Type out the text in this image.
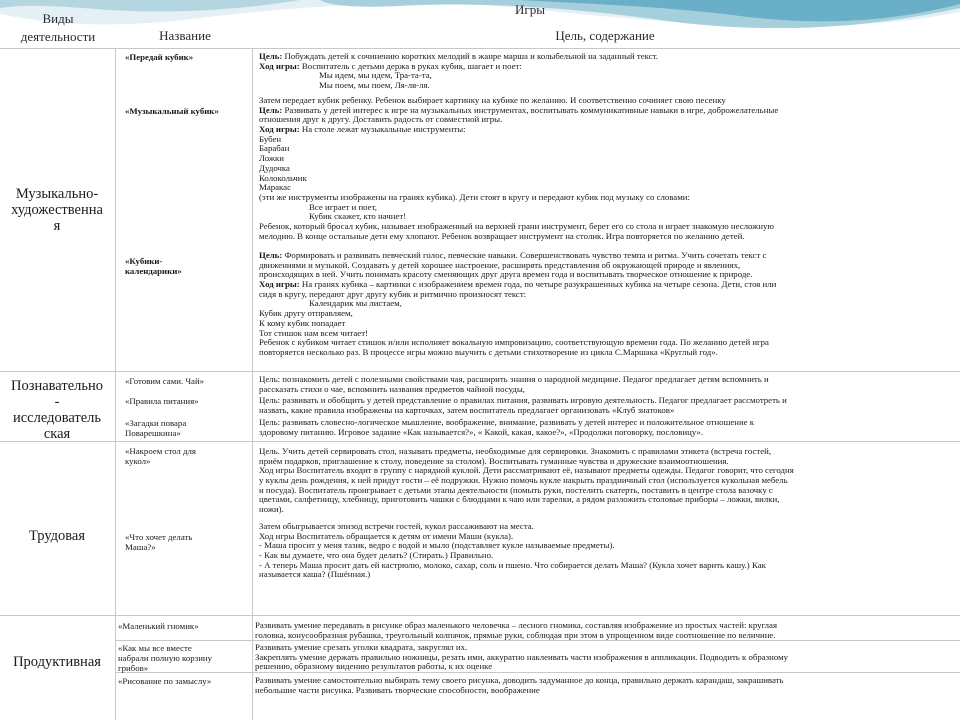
Виды деятельности
Игры
Название	Цель, содержание
Музыкально-
художественна
я
Познавательно
-
исследователь
ская
Трудовая
Продуктивная
«Передай кубик»
«Музыкальный кубик»
«Кубики-
календарики»
«Готовим сами. Чай»
«Правила питания»
«Загадки повара
Поварешкина»
«Накроем стол для
кукол»
«Что хочет делать
Маша?»
«Маленький гномик»
«Как мы все вместе
набрали полную корзину
грибов»
«Рисование по замыслу»
Цель: Побуждать детей к сочинению коротких мелодий в жанре марша и колыбельной на заданный текст.
Ход игры: Воспитатель с детьми держа в руках кубик, шагает и поет:
Мы идем, мы идем, Тра-та-та,
Мы поем, мы поем, Ля-ля-ля.
Затем передает кубик ребенку. Ребенок выбирает картинку на кубике по желанию. И соответственно сочиняет свою песенку
Цель: Развивать у детей интерес к игре на музыкальных инструментах, воспитывать коммуникативные навыки в игре, доброжелательные
отношения друг к другу. Доставить радость от совместной игры.
Ход игры: На столе лежат музыкальные инструменты:
Бубен
Барабан
Ложки
Дудочка
Колокольчик
Маракас
(эти же инструменты изображены на гранях кубика). Дети стоят в кругу и передают кубик под музыку со словами:
Все играет и поет,
Кубик скажет, кто начнет!
Ребенок, который бросал кубик, называет изображенный на верхней грани инструмент, берет его со стола и играет знакомую несложную
мелодию. В конце остальные дети ему хлопают. Ребенок возвращает инструмент на столик. Игра повторяется по желанию детей.
Цель: Формировать и развивать певческий голос, певческие навыки. Совершенствовать чувство темпа и ритма. Учить сочетать текст с
движениями и музыкой. Создавать у детей хорошее настроение, расширять представления об окружающей природе и явлениях,
происходящих в ней. Учить понимать красоту сменяющих друг друга времен года и воспитывать творческое отношение к природе.
Ход игры: На гранях кубика – картинки с изображением времен года, по четыре разукрашенных кубика на четыре сезона. Дети, стоя или
сидя в кругу, передают друг другу кубик и ритмично произносят текст:
Календарик мы листаем,
Кубик другу отправляем,
К кому кубик попадает
Тот стишок нам всем читает!
Ребенок с кубиком читает стишок и/или исполняет вокальную импровизацию, соответствующую времени года. По желанию детей игра
повторяется несколько раз. В процессе игры можно выучить с детьми стихотворение из цикла С.Маршака «Круглый год».
Цель: познакомить детей с полезными свойствами чая, расширить знания о народной медицине. Педагог предлагает детям вспомнить и
рассказать стихи о чае, вспомнить названия предметов чайной посуды,
Цель: развивать и обобщить у детей представление о правилах питания, развивать игровую деятельность. Педагог предлагает рассмотреть и
назвать, какие правила изображены на карточках, затем воспитатель предлагает организовать «Клуб знатоков»
Цель: развивать словесно-логическое мышление, воображение, внимание, развивать у детей интерес и положительное отношение к
здоровому питанию. Игровое задание «Как называется?», « Какой, какая, какое?», «Продолжи поговорку, пословицу».
Цель. Учить детей сервировать стол, называть предметы, необходимые для сервировки. Знакомить с правилами этикета (встреча гостей,
приём подарков, приглашение к столу, поведение за столом). Воспитывать гуманные чувства и дружеские взаимоотношения.
Ход игры Воспитатель входит в группу с нарядной куклой. Дети рассматривают её, называют предметы одежды. Педагог говорит, что сегодня
у куклы день рождения, к ней придут гости – её подружки. Нужно помочь кукле накрыть праздничный стол (используется кукольная мебель
и посуда). Воспитатель проигрывает с детьми этапы деятельности (помыть руки, постелить скатерть, поставить в центре стола вазочку с
цветами, салфетницу, хлебницу, приготовить чашки с блюдцами к чаю или тарелки, а рядом разложить столовые приборы – ложки, вилки,
ножи).
Затем обыгрывается эпизод встречи гостей, кукол рассаживают на места.
Ход игры Воспитатель обращается к детям от имени Маши (кукла).
- Маша просит у меня тазик, ведро с водой и мыло (подставляет кукле называемые предметы).
- Как вы думаете, что она будет делать? (Стирать.) Правильно.
- А теперь Маша просит дать ей кастрюлю, молоко, сахар, соль и пшено. Что собирается делать Маша? (Кукла хочет варить кашу.) Как
называется каша? (Пшённая.)
Развивать умение передавать в рисунке образ маленького человечка – лесного гномика, составляя изображение из простых частей: круглая
головка, конусообразная рубашка, треугольный колпачок, прямые руки, соблюдая при этом в упрощенном виде соотношение по величине.
Развивать умение срезать уголки квадрата, закруглял их.
Закреплять умение держать правильно ножницы, резать ими, аккуратно наклеивать части изображения в аппликации. Подводить к образному
решению, образному видению результатов работы, к их оценке
Развивать умение самостоятельно выбирать тему своего рисунка, доводить задуманное до конца, правильно держать карандаш, закрашивать
небольшие части рисунка. Развивать творческие способности, воображение
